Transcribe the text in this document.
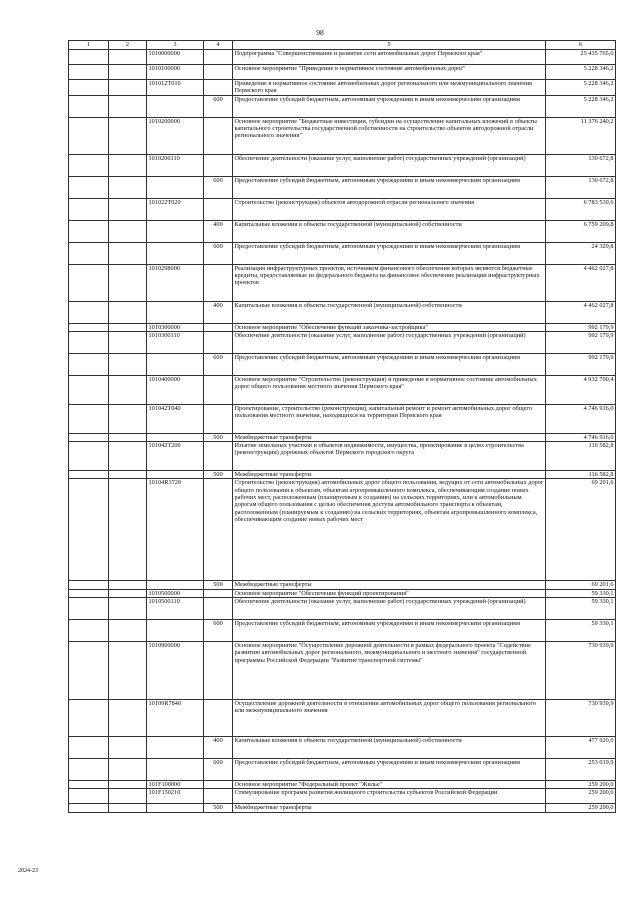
98
1	2	3	4	5	6
		1010000000		Подпрограмма "Совершенствование и развитие сети автомобильных дорог Пермского края"	25 435 765,0
		1010100000		Основное мероприятие "Приведение в нормативное состояние автомобильных дорог"	5 228 346,2
		101012Т010		Приведение в нормативное состояние автомобильных дорог регионального или межмуниципального значения Пермского края	5 228 346,2
			600	Предоставление субсидий бюджетным, автономным учреждениям и иным некоммерческим организациям	5 228 346,2
		1010200000		Основное мероприятие "Бюджетные инвестиции, субсидии на осуществление капитальных вложений в объекты капитального строительства государственной собственности на строительство объектов автодорожной отрасли регионального значения"	11 376 240,2
		1010200110		Обеспечение деятельности (оказание услуг, выполнение работ) государственных учреждений (организаций)	130 672,8
			600	Предоставление субсидий бюджетным, автономным учреждениям и иным некоммерческим организациям	130 672,8
		101022Т020		Строительство (реконструкция) объектов автодорожной отрасли регионального значения	6 783 539,6
			400	Капитальные вложения в объекты государственной (муниципальной) собственности	6 759 209,8
			600	Предоставление субсидий бюджетным, автономным учреждениям и иным некоммерческим организациям	24 329,8
		1010298000		Реализация инфраструктурных проектов, источником финансового обеспечения которых являются бюджетные кредиты, предоставляемые из федерального бюджета на финансовое обеспечение реализации инфраструктурных проектов	4 462 027,8
			400	Капитальные вложения в объекты государственной (муниципальной) собственности	4 462 027,8
		1010300000		Основное мероприятие "Обеспечение функций заказчика-застройщика"	992 179,9
		1010300110		Обеспечение деятельности (оказание услуг, выполнение работ) государственных учреждений (организаций)	992 179,9
			600	Предоставление субсидий бюджетным, автономным учреждениям и иным некоммерческим организациям	992 179,9
		1010400000		Основное мероприятие "Строительство (реконструкция) и приведение в нормативное состояние автомобильных дорог общего пользования местного значения Пермского края"	4 932 700,4
		101042Т040		Проектирование, строительство (реконструкция), капитальный ремонт и ремонт автомобильных дорог общего пользования местного значения, находящихся на территории Пермского края	4 746 916,0
			500	Межбюджетные трансферты	4 746 916,0
		101042Т200		Изъятие земельных участков и объектов недвижимости, имущества, проектирование в целях строительства (реконструкции) дорожных объектов Пермского городского округа	116 582,8
			500	Межбюджетные трансферты	116 582,8
		10104R3720		Строительство (реконструкция) автомобильных дорог общего пользования, ведущих от сети автомобильных дорог общего пользования к объектам, объектам агропромышленного комплекса, обеспечивающим создание новых рабочих мест, расположенным (планируемым к созданию) на сельских территориях, или к автомобильным дорогам общего пользования с целью обеспечения доступа автомобильного транспорта к объектам, расположенным (планируемым к созданию) на сельских территориях, объектам агропромышленного комплекса, обеспечивающим создание новых рабочих мест	69 201,6
			500	Межбюджетные трансферты	69 201,6
		1010500000		Основное мероприятие "Обеспечение функций проектирования"	59 330,1
		1010500110		Обеспечение деятельности (оказание услуг, выполнение работ) государственных учреждений (организаций)	59 330,1
			600	Предоставление субсидий бюджетным, автономным учреждениям и иным некоммерческим организациям	59 330,1
		1010900000		Основное мероприятие "Осуществление дорожной деятельности в рамках федерального проекта "Содействие развитию автомобильных дорог регионального, межмуниципального и местного значения" государственной программы Российской Федерации "Развитие транспортной системы"	730 939,9
		10109R7840		Осуществление дорожной деятельности в отношении автомобильных дорог общего пользования регионального или межмуниципального значения	730 939,9
			400	Капитальные вложения в объекты государственной (муниципальной) собственности	477 920,0
			600	Предоставление субсидий бюджетным, автономным учреждениям и иным некоммерческим организациям	253 019,9
		101F100000		Основное мероприятие "Федеральный проект "Жилье"	259 200,0
		101F150210		Стимулирование программ развития жилищного строительства субъектов Российской Федерации	259 200,0
			500	Межбюджетные трансферты	259 200,0
2024-23
